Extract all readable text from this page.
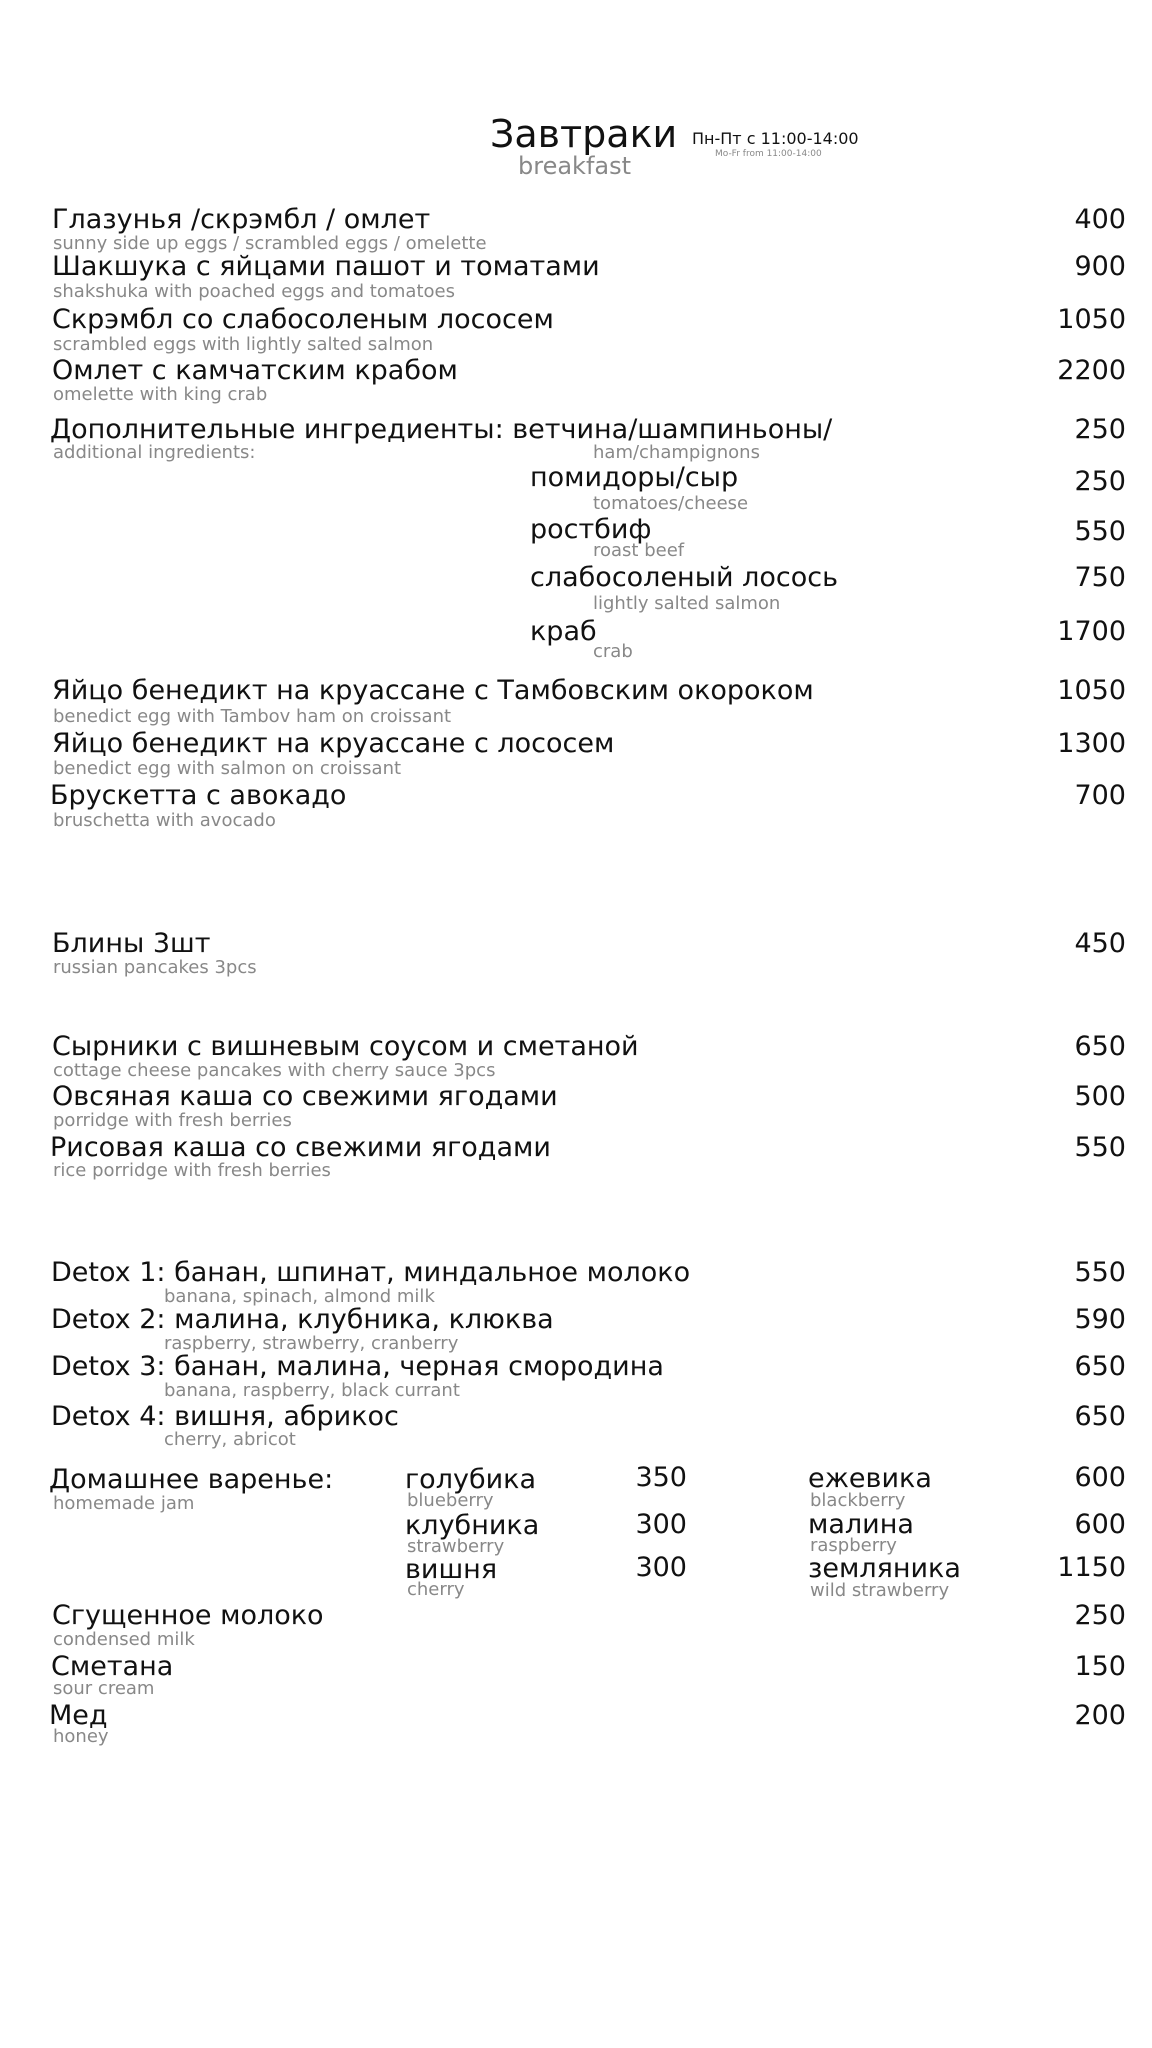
Завтраки
breakfast
Пн-Пт с 11:00-14:00
Mo-Fr from 11:00-14:00
Глазунья /скрэмбл / омлет
sunny side up eggs / scrambled eggs / omelette
400
Шакшука с яйцами пашот и томатами
shakshuka with poached eggs and tomatoes
900
Скрэмбл со слабосоленым лососем
scrambled eggs with lightly salted salmon
1050
Омлет с камчатским крабом
omelette with king crab
2200
Дополнительные ингредиенты: ветчина/шампиньоны/
additional ingredients:	ham/champignons
250
помидоры/сыр
tomatoes/cheese
250
ростбиф
roast beef
550
слабосоленый лосось
lightly salted salmon
750
краб
crab
1700
Яйцо бенедикт на круассане с Тамбовским окороком
benedict egg with Tambov ham on croissant
1050
Яйцо бенедикт на круассане с лососем
benedict egg with salmon on croissant
1300
Брускетта с авокадо
bruschetta with avocado
700
Блины 3шт
russian pancakes 3pcs
450
Сырники с вишневым соусом и сметаной
cottage cheese pancakes with cherry sauce 3pcs
650
Овсяная каша со свежими ягодами
porridge with fresh berries
500
Рисовая каша со свежими ягодами
rice porridge with fresh berries
550
Detox 1: банан, шпинат, миндальное молоко
banana, spinach, almond milk
550
Detox 2: малина, клубника, клюква
raspberry, strawberry, cranberry
590
Detox 3: банан, малина, черная смородина
banana, raspberry, black currant
650
Detox 4: вишня, абрикос
cherry, abricot
650
Домашнее варенье:
homemade jam
голубика
blueberry
350
клубника
strawberry
300
вишня
cherry
300
ежевика
blackberry
600
малина
raspberry
600
земляника
wild strawberry
1150
Сгущенное молоко
condensed milk
250
Сметана
sour cream
150
Мед
honey
200
